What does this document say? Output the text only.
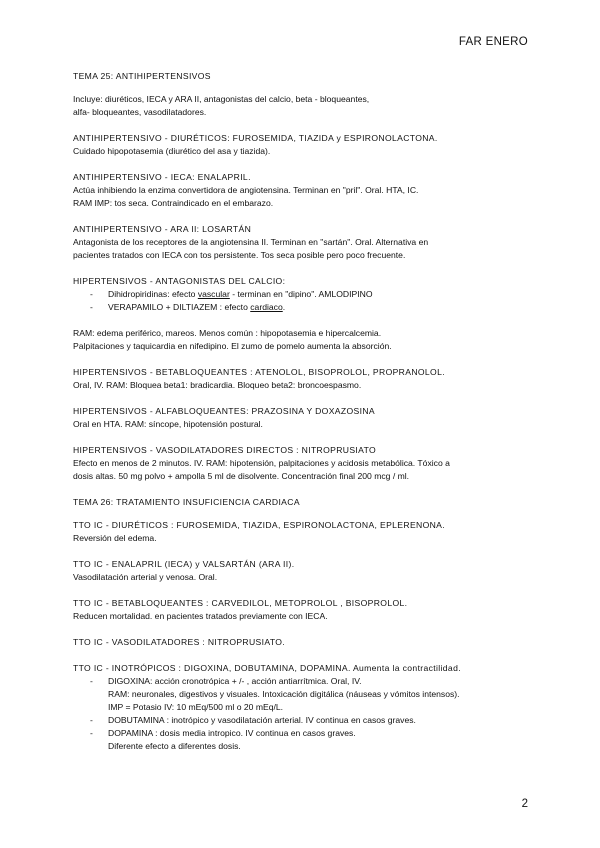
FAR ENERO

TEMA 25: ANTIHIPERTENSIVOS

Incluye: diuréticos, IECA y ARA II, antagonistas del calcio, beta - bloqueantes,

alfa- bloqueantes, vasodilatadores.

ANTIHIPERTENSIVO - DIURÉTICOS: FUROSEMIDA, TIAZIDA y ESPIRONOLACTONA.

Cuidado hipopotasemia (diurético del asa y tiazida).

ANTIHIPERTENSIVO - IECA: ENALAPRIL.

Actúa inhibiendo la enzima convertidora de angiotensina. Terminan en "pril". Oral. HTA, IC.

RAM IMP: tos seca. Contraindicado en el embarazo.

ANTIHIPERTENSIVO - ARA II: LOSARTÁN

Antagonista de los receptores de la angiotensina II. Terminan en "sartán". Oral. Alternativa en

pacientes tratados con IECA con tos persistente. Tos seca posible pero poco frecuente.

HIPERTENSIVOS - ANTAGONISTAS DEL CALCIO:

- Dihidropiridinas: efecto vascular - terminan en "dipino". AMLODIPINO
- VERAPAMILO + DILTIAZEM : efecto cardiaco.

RAM: edema periférico, mareos. Menos común : hipopotasemia e hipercalcemia.

Palpitaciones y taquicardia en nifedipino. El zumo de pomelo aumenta la absorción.

HIPERTENSIVOS - BETABLOQUEANTES : ATENOLOL, BISOPROLOL, PROPRANOLOL.

Oral, IV. RAM: Bloquea beta1: bradicardia. Bloqueo beta2: broncoespasmo.

HIPERTENSIVOS - ALFABLOQUEANTES: PRAZOSINA Y DOXAZOSINA

Oral en HTA. RAM: síncope, hipotensión postural.

HIPERTENSIVOS - VASODILATADORES DIRECTOS : NITROPRUSIATO

Efecto en menos de 2 minutos. IV. RAM: hipotensión, palpitaciones y acidosis metabólica. Tóxico a

dosis altas. 50 mg polvo + ampolla 5 ml de disolvente. Concentración final 200 mcg / ml.

TEMA 26: TRATAMIENTO INSUFICIENCIA CARDIACA

TTO IC - DIURÉTICOS : FUROSEMIDA, TIAZIDA, ESPIRONOLACTONA, EPLERENONA.

Reversión del edema.

TTO IC - ENALAPRIL (IECA) y VALSARTÁN (ARA II).

Vasodilatación arterial y venosa. Oral.

TTO IC - BETABLOQUEANTES : CARVEDILOL, METOPROLOL , BISOPROLOL.

Reducen mortalidad. en pacientes tratados previamente con IECA.

TTO IC - VASODILATADORES : NITROPRUSIATO.

TTO IC - INOTRÓPICOS : DIGOXINA, DOBUTAMINA, DOPAMINA. Aumenta la contractilidad.

- DIGOXINA: acción cronotrópica + /- , acción antiarrítmica. Oral, IV.

RAM: neuronales, digestivos y visuales. Intoxicación digitálica (náuseas y vómitos intensos).

IMP = Potasio IV: 10 mEq/500 ml o 20 mEq/L.

- DOBUTAMINA : inotrópico y vasodilatación arterial. IV continua en casos graves.
- DOPAMINA : dosis media intropico. IV continua en casos graves.

Diferente efecto a diferentes dosis.

2
